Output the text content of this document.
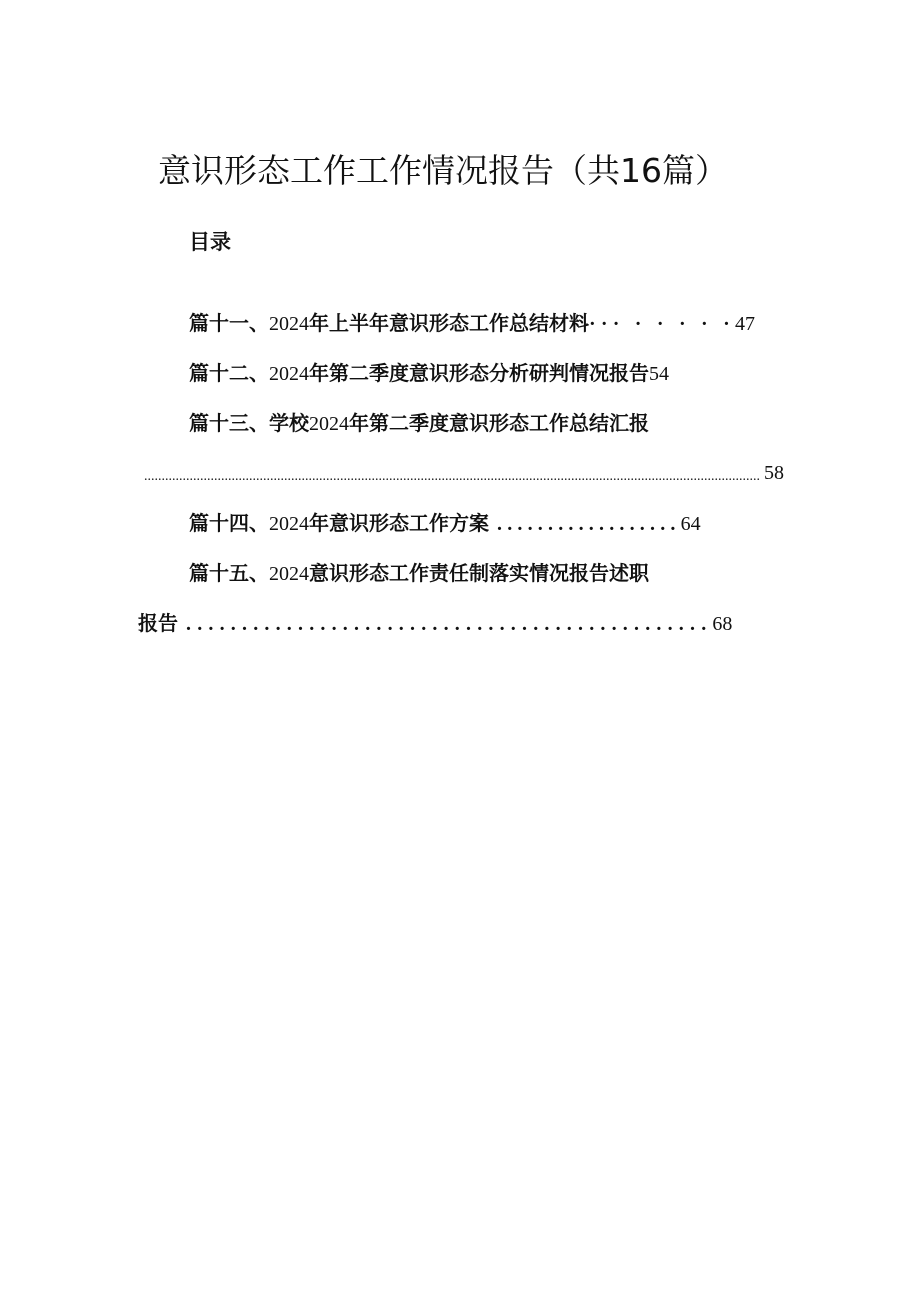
意识形态工作工作情况报告（共16篇）
目录
篇十一、2024年上半年意识形态工作总结材料··· · · · · ·47
篇十二、2024年第二季度意识形态分析研判情况报告54
篇十三、学校2024年第二季度意识形态工作总结汇报
................................................................................................................................................................................ 58
篇十四、2024年意识形态工作方案 ..................64
篇十五、2024意识形态工作责任制落实情况报告述职
报告 ...............................................68
